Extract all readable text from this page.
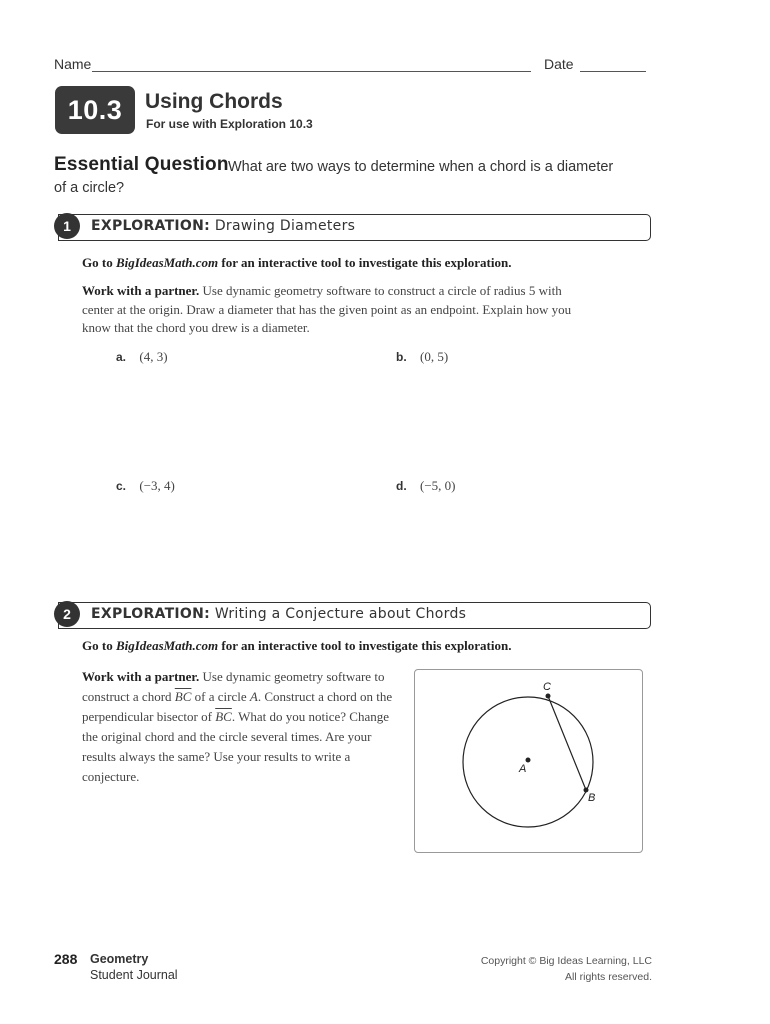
Name	Date
10.3	Using Chords
For use with Exploration 10.3
Essential Question What are two ways to determine when a chord is a diameter of a circle?
1	EXPLORATION: Drawing Diameters
Go to BigIdeasMath.com for an interactive tool to investigate this exploration.
Work with a partner. Use dynamic geometry software to construct a circle of radius 5 with center at the origin. Draw a diameter that has the given point as an endpoint. Explain how you know that the chord you drew is a diameter.
a. (4, 3)	b. (0, 5)
c. (−3, 4)	d. (−5, 0)
2	EXPLORATION: Writing a Conjecture about Chords
Go to BigIdeasMath.com for an interactive tool to investigate this exploration.
Work with a partner. Use dynamic geometry software to construct a chord $\overline{BC}$ of a circle A. Construct a chord on the perpendicular bisector of $\overline{BC}$. What do you notice? Change the original chord and the circle several times. Are your results always the same? Use your results to write a conjecture.	A
B
C
288 Geometry
Student Journal
Copyright © Big Ideas Learning, LLC
All rights reserved.
